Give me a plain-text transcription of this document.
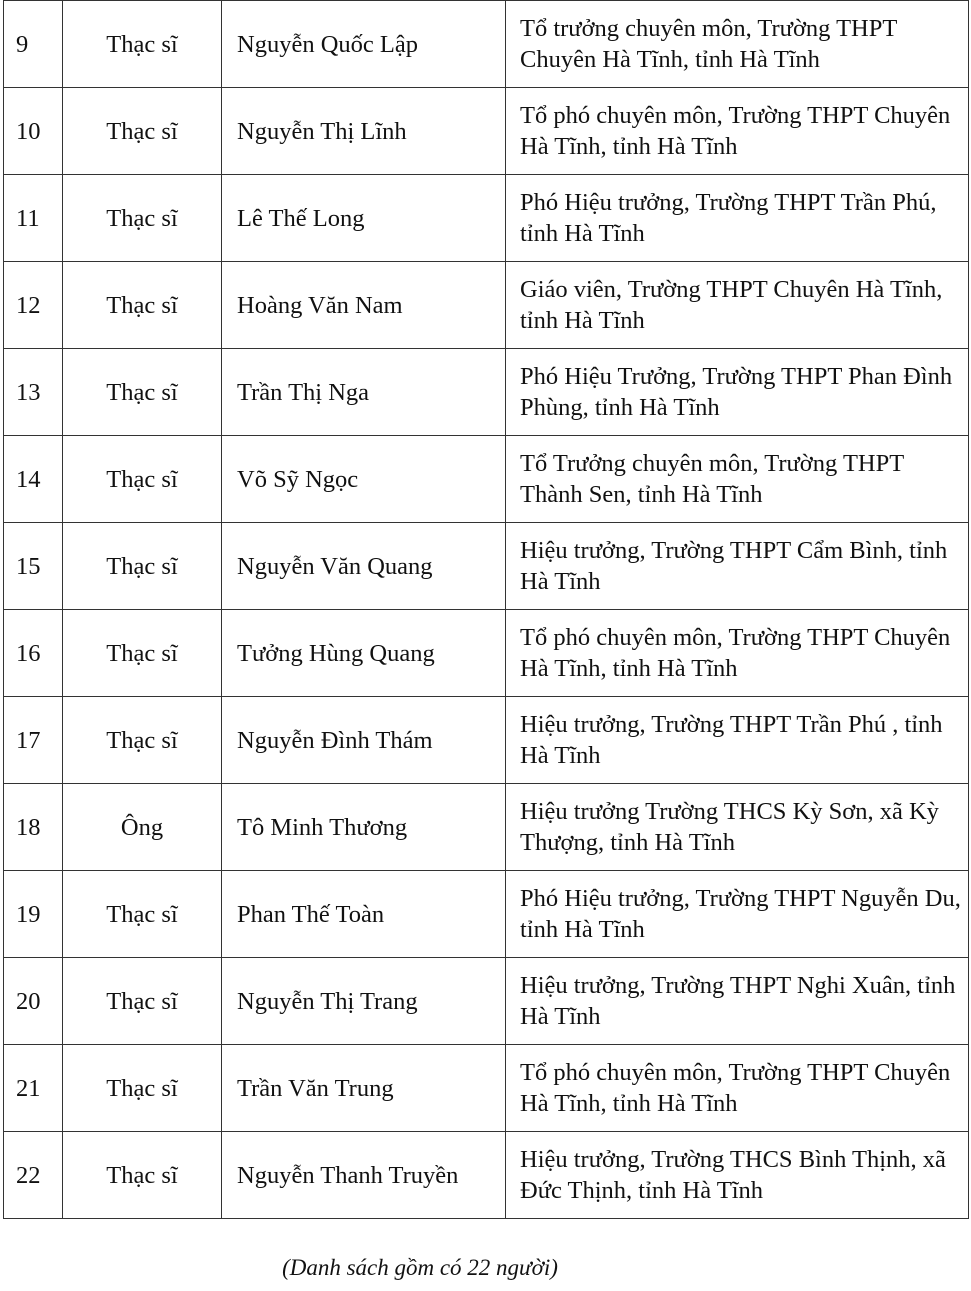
9	Thạc sĩ	Nguyễn Quốc Lập	Tổ trưởng chuyên môn, Trường THPT Chuyên Hà Tĩnh, tỉnh Hà Tĩnh
10	Thạc sĩ	Nguyễn Thị Lĩnh	Tổ phó chuyên môn, Trường THPT Chuyên Hà Tĩnh, tỉnh Hà Tĩnh
11	Thạc sĩ	Lê Thế Long	Phó Hiệu trưởng, Trường THPT Trần Phú, tỉnh Hà Tĩnh
12	Thạc sĩ	Hoàng Văn Nam	Giáo viên, Trường THPT Chuyên Hà Tĩnh, tỉnh Hà Tĩnh
13	Thạc sĩ	Trần Thị Nga	Phó Hiệu Trưởng, Trường THPT Phan Đình Phùng, tỉnh Hà Tĩnh
14	Thạc sĩ	Võ Sỹ Ngọc	Tổ Trưởng chuyên môn, Trường THPT Thành Sen, tỉnh Hà Tĩnh
15	Thạc sĩ	Nguyễn Văn Quang	Hiệu trưởng, Trường THPT Cẩm Bình, tỉnh Hà Tĩnh
16	Thạc sĩ	Tưởng Hùng Quang	Tổ phó chuyên môn, Trường THPT Chuyên Hà Tĩnh, tỉnh Hà Tĩnh
17	Thạc sĩ	Nguyễn Đình Thám	Hiệu trưởng, Trường THPT Trần Phú , tỉnh Hà Tĩnh
18	Ông	Tô Minh Thương	Hiệu trưởng Trường THCS Kỳ Sơn, xã Kỳ Thượng, tỉnh Hà Tĩnh
19	Thạc sĩ	Phan Thế Toàn	Phó Hiệu trưởng, Trường THPT Nguyễn Du, tỉnh Hà Tĩnh
20	Thạc sĩ	Nguyễn Thị Trang	Hiệu trưởng, Trường THPT Nghi Xuân, tỉnh Hà Tĩnh
21	Thạc sĩ	Trần Văn Trung	Tổ phó chuyên môn, Trường THPT Chuyên Hà Tĩnh, tỉnh Hà Tĩnh
22	Thạc sĩ	Nguyễn Thanh Truyền	Hiệu trưởng, Trường THCS Bình Thịnh, xã Đức Thịnh, tỉnh Hà Tĩnh
(Danh sách gồm có 22 người)
